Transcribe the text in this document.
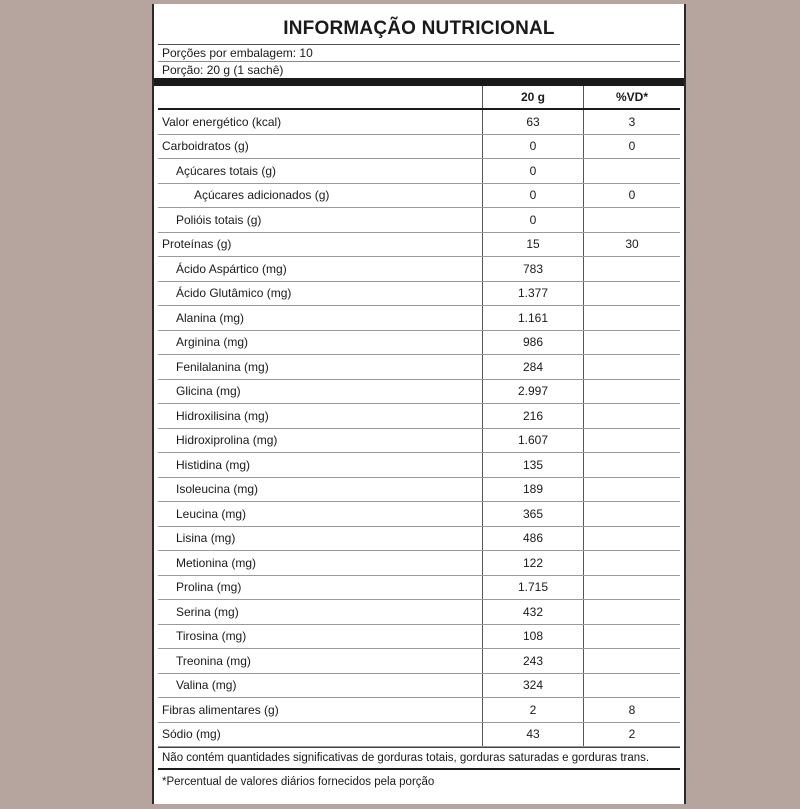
INFORMAÇÃO NUTRICIONAL
Porções por embalagem: 10
Porção: 20 g (1 sachê)
	20 g	%VD*
Valor energético (kcal)	63	3
Carboidratos (g)	0	0
Açúcares totais (g)	0	
Açúcares adicionados (g)	0	0
Polióis totais (g)	0	
Proteínas (g)	15	30
Ácido Aspártico (mg)	783	
Ácido Glutâmico (mg)	1.377	
Alanina (mg)	1.161	
Arginina (mg)	986	
Fenilalanina (mg)	284	
Glicina (mg)	2.997	
Hidroxilisina (mg)	216	
Hidroxiprolina (mg)	1.607	
Histidina (mg)	135	
Isoleucina (mg)	189	
Leucina (mg)	365	
Lisina (mg)	486	
Metionina (mg)	122	
Prolina (mg)	1.715	
Serina (mg)	432	
Tirosina (mg)	108	
Treonina (mg)	243	
Valina (mg)	324	
Fibras alimentares (g)	2	8
Sódio (mg)	43	2
Não contém quantidades significativas de gorduras totais, gorduras saturadas e gorduras trans.
*Percentual de valores diários fornecidos pela porção
